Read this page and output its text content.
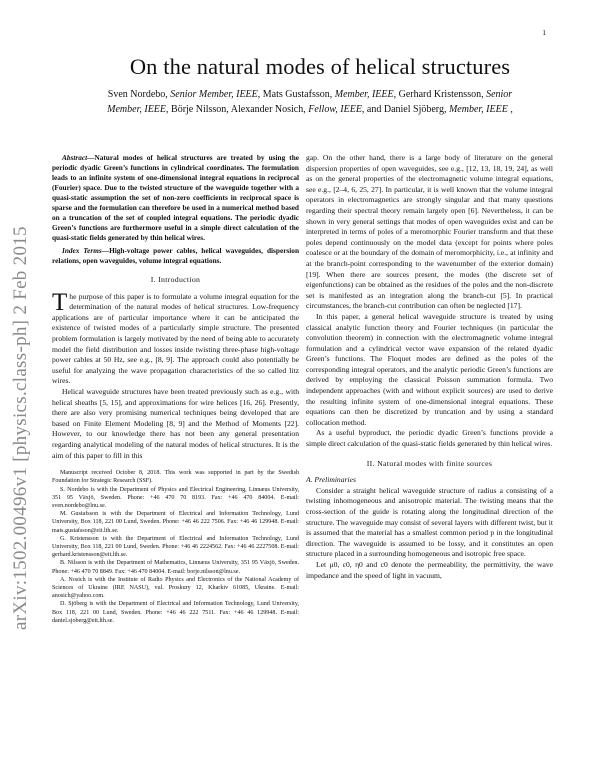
1
arXiv:1502.00496v1 [physics.class-ph] 2 Feb 2015
On the natural modes of helical structures
Sven Nordebo, Senior Member, IEEE, Mats Gustafsson, Member, IEEE, Gerhard Kristensson, Senior
Member, IEEE, Börje Nilsson, Alexander Nosich, Fellow, IEEE, and Daniel Sjöberg, Member, IEEE ,

Abstract—Natural modes of helical structures are treated by using the periodic dyadic Green’s functions in cylindrical coordinates. The formulation leads to an infinite system of one-dimensional integral equations in reciprocal (Fourier) space. Due to the twisted structure of the waveguide together with a quasi-static assumption the set of non-zero coefficients in reciprocal space is sparse and the formulation can therefore be used in a numerical method based on a truncation of the set of coupled integral equations. The periodic dyadic Green’s functions are furthermore useful in a simple direct calculation of the quasi-static fields generated by thin helical wires.

Index Terms—High-voltage power cables, helical waveguides, dispersion relations, open waveguides, volume integral equations.

I. Introduction

The purpose of this paper is to formulate a volume integral equation for the determination of the natural modes of helical structures. Low-frequency applications are of particular importance where it can be anticipated the existence of twisted modes of a particularly simple structure. The presented problem formulation is largely motivated by the need of being able to accurately model the field distribution and losses inside twisting three-phase high-voltage power cables at 50 Hz, see e.g., [8, 9]. The approach could also potentially be useful for analyzing the wave propagation characteristics of the so called litz wires.

Helical waveguide structures have been treated previously such as e.g., with helical sheaths [5, 15], and approximations for wire helices [16, 26]. Presently, there are also very promising numerical techniques being developed that are based on Finite Element Modeling [8, 9] and the Method of Moments [22]. However, to our knowledge there has not been any general presentation regarding analytical modeling of the natural modes of helical structures. It is the aim of this paper to fill in this

Manuscript received October 8, 2018. This work was supported in part by the Swedish Foundation for Strategic Research (SSF).

S. Nordebo is with the Department of Physics and Electrical Engineering, Linnæus University, 351 95 Växjö, Sweden. Phone: +46 470 70 8193. Fax: +46 470 84004. E-mail: sven.nordebo@lnu.se.

M. Gustafsson is with the Department of Electrical and Information Technology, Lund University, Box 118, 221 00 Lund, Sweden. Phone: +46 46 222 7506. Fax: +46 46 129948. E-mail: mats.gustafsson@eit.lth.se.

G. Kristensson is with the Department of Electrical and Information Technology, Lund University, Box 118, 221 00 Lund, Sweden. Phone: +46 46 2224562. Fax: +46 46 2227508. E-mail: gerhard.kristensson@eit.lth.se.

B. Nilsson is with the Department of Mathematics, Linnæus University, 351 95 Växjö, Sweden. Phone: +46 470 70 8849. Fax: +46 470 84004. E-mail: borje.nilsson@lnu.se.

A. Nosich is with the Institute of Radio Physics and Electronics of the National Academy of Sciences of Ukraine (IRE NASU), vul. Proskury 12, Kharkiv 61085, Ukraine. E-mail: anosich@yahoo.com.

D. Sjöberg is with the Department of Electrical and Information Technology, Lund University, Box 118, 221 00 Lund, Sweden. Phone: +46 46 222 7511. Fax: +46 46 129948. E-mail: daniel.sjoberg@eit.lth.se.

gap. On the other hand, there is a large body of literature on the general dispersion properties of open waveguides, see e.g., [12, 13, 18, 19, 24], as well as on the general properties of the electromagnetic volume integral equations, see e.g., [2–4, 6, 25, 27]. In particular, it is well known that the volume integral operators in electromagnetics are strongly singular and that many questions regarding their spectral theory remain largely open [6]. Nevertheless, it can be shown in very general settings that modes of open waveguides exist and can be interpreted in terms of poles of a meromorphic Fourier transform and that these poles depend continuously on the model data (except for points where poles coalesce or at the boundary of the domain of meromorphicity, i.e., at infinity and at the branch-point corresponding to the wavenumber of the exterior domain) [19]. When there are sources present, the modes (the discrete set of eigenfunctions) can be obtained as the residues of the poles and the non-discrete set is manifested as an integration along the branch-cut [5]. In practical circumstances, the branch-cut contribution can often be neglected [17].

In this paper, a general helical waveguide structure is treated by using classical analytic function theory and Fourier techniques (in particular the convolution theorem) in connection with the electromagnetic volume integral formulation and a cylindrical vector wave expansion of the related dyadic Green’s functions. The Floquet modes are defined as the poles of the corresponding integral operators, and the analytic periodic Green’s functions are derived by employing the classical Poisson summation formula. Two independent approaches (with and without explicit sources) are used to derive the resulting infinite system of one-dimensional integral equations. These equations can then be discretized by truncation and by using a standard collocation method.

As a useful byproduct, the periodic dyadic Green’s functions provide a simple direct calculation of the quasi-static fields generated by thin helical wires.

II. Natural modes with finite sources

A. Preliminaries

Consider a straight helical waveguide structure of radius a consisting of a twisting inhomogeneous and anisotropic material. The twisting means that the cross-section of the guide is rotating along the longitudinal direction of the structure. The waveguide may consist of several layers with different twist, but it is assumed that the material has a smallest common period p in the longitudinal direction. The waveguide is assumed to be lossy, and it constitutes an open structure placed in a surrounding homogeneous and isotropic free space.

Let μ0, ε0, η0 and c0 denote the permeability, the permittivity, the wave impedance and the speed of light in vacuum,
